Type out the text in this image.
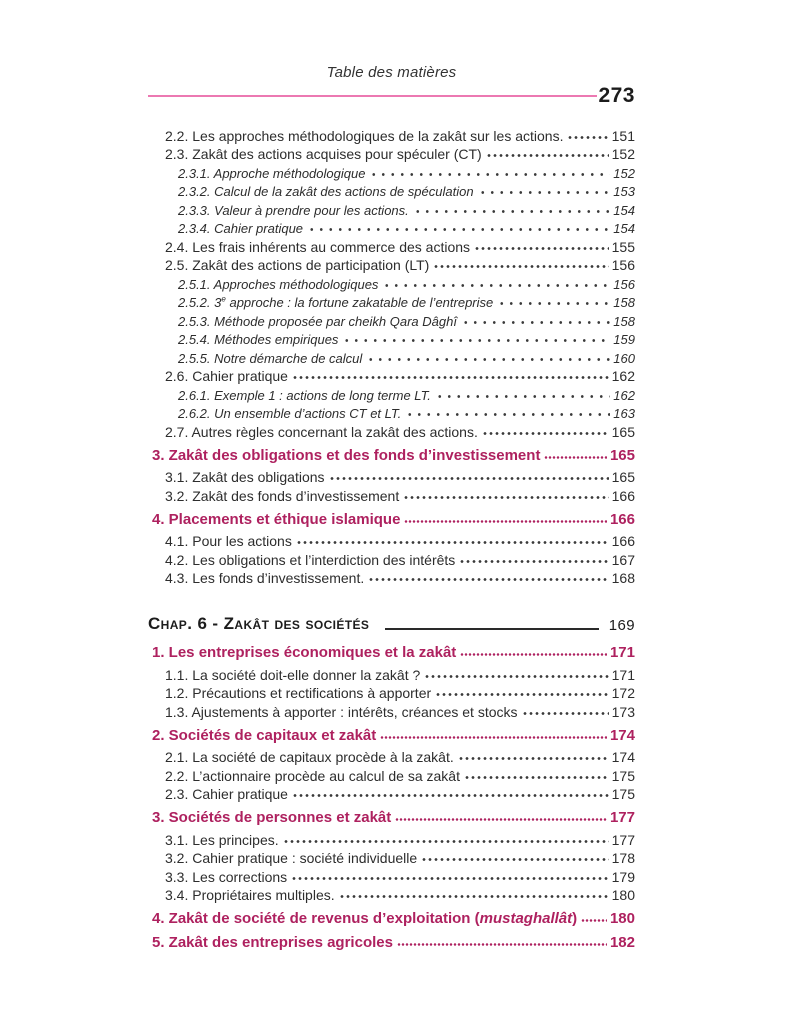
Table des matières
273
2.2. Les approches méthodologiques de la zakât sur les actions.	151
2.3. Zakât des actions acquises pour spéculer (CT)	152
2.3.1. Approche méthodologique	152
2.3.2. Calcul de la zakât des actions de spéculation	153
2.3.3. Valeur à prendre pour les actions.	154
2.3.4. Cahier pratique	154
2.4. Les frais inhérents au commerce des actions	155
2.5. Zakât des actions de participation (LT)	156
2.5.1. Approches méthodologiques	156
2.5.2. 3e approche : la fortune zakatable de l’entreprise	158
2.5.3. Méthode proposée par cheikh Qara Dâghî	158
2.5.4. Méthodes empiriques	159
2.5.5. Notre démarche de calcul	160
2.6. Cahier pratique	162
2.6.1. Exemple 1 : actions de long terme LT.	162
2.6.2. Un ensemble d’actions CT et LT.	163
2.7. Autres règles concernant la zakât des actions.	165
3. Zakât des obligations et des fonds d’investissement	165
3.1. Zakât des obligations	165
3.2. Zakât des fonds d’investissement	166
4. Placements et éthique islamique	166
4.1. Pour les actions	166
4.2. Les obligations et l’interdiction des intérêts	167
4.3. Les fonds d’investissement.	168
Chap. 6 - Zakât des sociétés	169
1. Les entreprises économiques et la zakât	171
1.1. La société doit-elle donner la zakât ?	171
1.2. Précautions et rectifications à apporter	172
1.3. Ajustements à apporter : intérêts, créances et stocks	173
2. Sociétés de capitaux et zakât	174
2.1. La société de capitaux procède à la zakât.	174
2.2. L’actionnaire procède au calcul de sa zakât	175
2.3. Cahier pratique	175
3. Sociétés de personnes et zakât	177
3.1. Les principes.	177
3.2. Cahier pratique : société individuelle	178
3.3. Les corrections	179
3.4. Propriétaires multiples.	180
4. Zakât de société de revenus d’exploitation (mustaghallât) 180
5. Zakât des entreprises agricoles	182
